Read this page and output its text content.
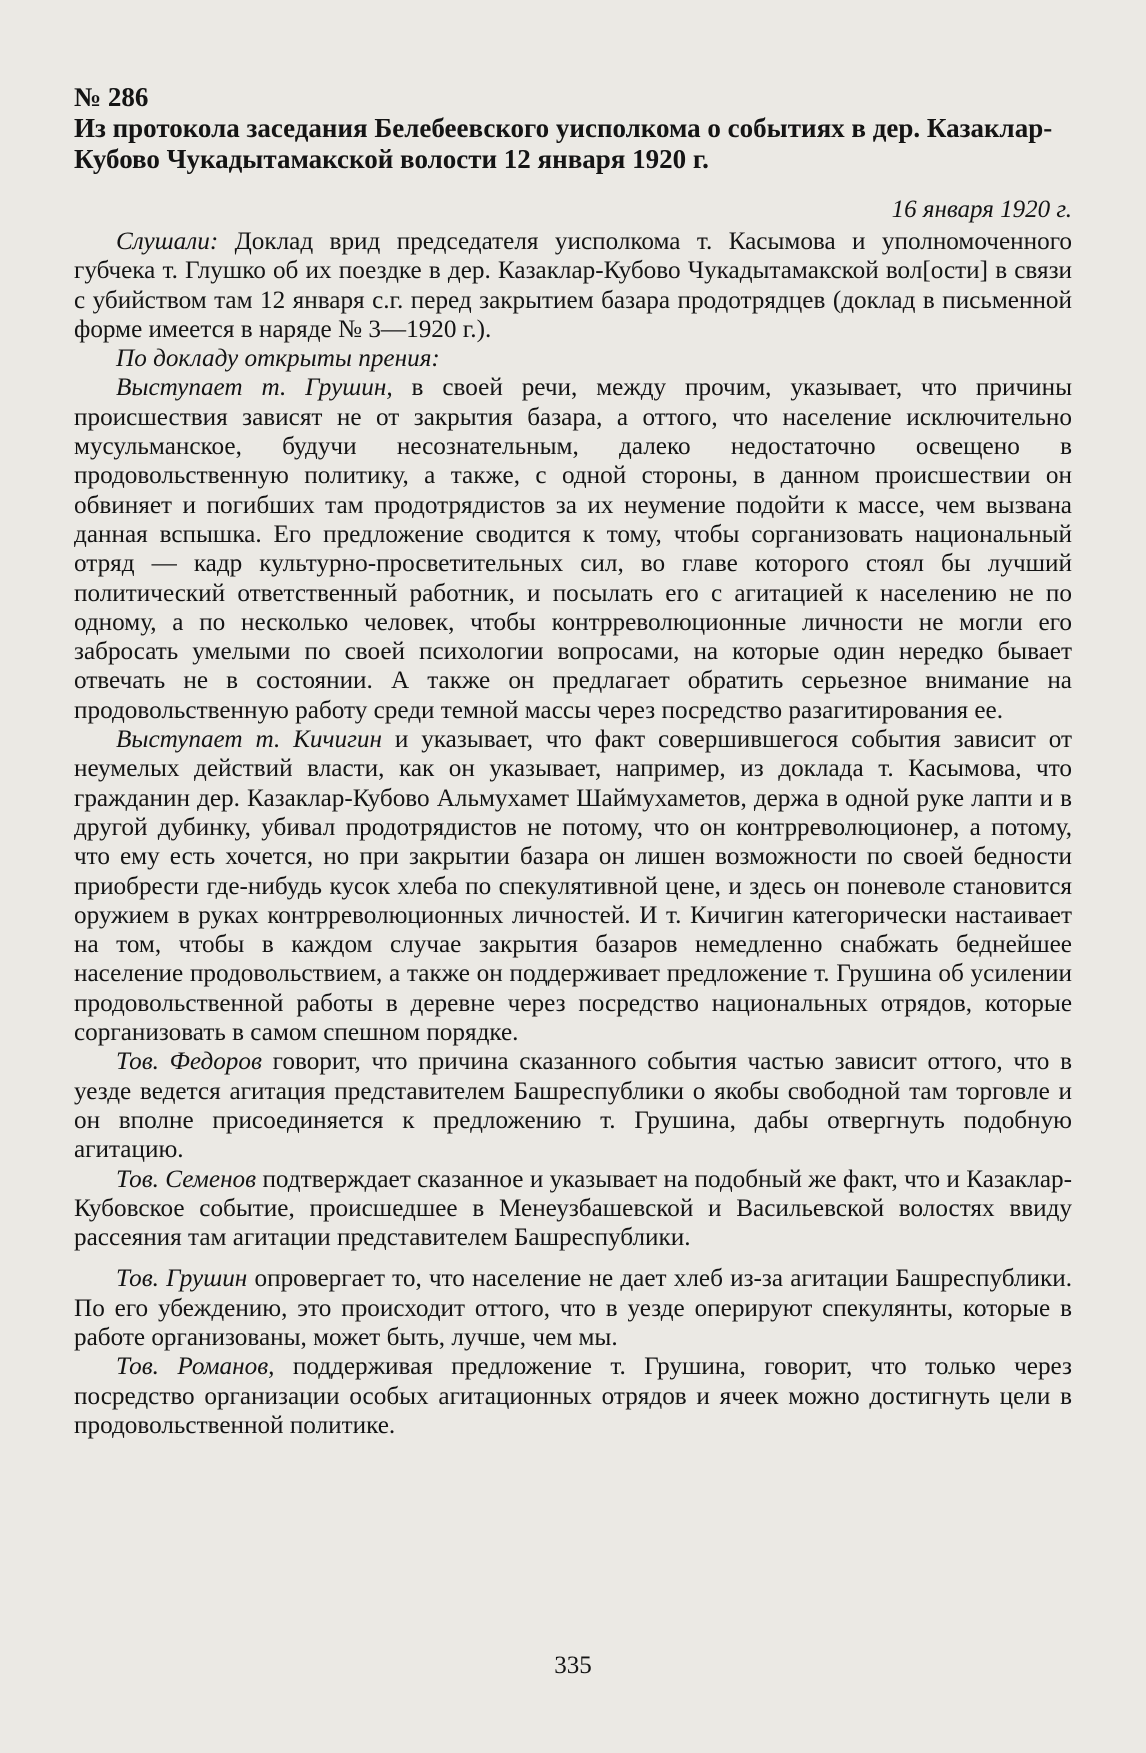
№ 286
Из протокола заседания Белебеевского уисполкома о событиях в дер. Казаклар-Кубово Чукадытамакской волости 12 января 1920 г.
16 января 1920 г.

Слушали: Доклад врид председателя уисполкома т. Касымова и уполномоченного губчека т. Глушко об их поездке в дер. Казаклар-Кубово Чукадытамакской вол[ости] в связи с убийством там 12 января с.г. перед закрытием базара продотрядцев (доклад в письменной форме имеется в наряде № 3—1920 г.).

По докладу открыты прения:

Выступает т. Грушин, в своей речи, между прочим, указывает, что причины происшествия зависят не от закрытия базара, а оттого, что население исключительно мусульманское, будучи несознательным, далеко недостаточно освещено в продовольственную политику, а также, с одной стороны, в данном происшествии он обвиняет и погибших там продотрядистов за их неумение подойти к массе, чем вызвана данная вспышка. Его предложение сводится к тому, чтобы сорганизовать национальный отряд — кадр культурно-просветительных сил, во главе которого стоял бы лучший политический ответственный работник, и посылать его с агитацией к населению не по одному, а по несколько человек, чтобы контрреволюционные личности не могли его забросать умелыми по своей психологии вопросами, на которые один нередко бывает отвечать не в состоянии. А также он предлагает обратить серьезное внимание на продовольственную работу среди темной массы через посредство разагитирования ее.

Выступает т. Кичигин и указывает, что факт совершившегося события зависит от неумелых действий власти, как он указывает, например, из доклада т. Касымова, что гражданин дер. Казаклар-Кубово Альмухамет Шаймухаметов, держа в одной руке лапти и в другой дубинку, убивал продотрядистов не потому, что он контрреволюционер, а потому, что ему есть хочется, но при закрытии базара он лишен возможности по своей бедности приобрести где-нибудь кусок хлеба по спекулятивной цене, и здесь он поневоле становится оружием в руках контрреволюционных личностей. И т. Кичигин категорически настаивает на том, чтобы в каждом случае закрытия базаров немедленно снабжать беднейшее население продовольствием, а также он поддерживает предложение т. Грушина об усилении продовольственной работы в деревне через посредство национальных отрядов, которые сорганизовать в самом спешном порядке.

Тов. Федоров говорит, что причина сказанного события частью зависит оттого, что в уезде ведется агитация представителем Башреспублики о якобы свободной там торговле и он вполне присоединяется к предложению т. Грушина, дабы отвергнуть подобную агитацию.

Тов. Семенов подтверждает сказанное и указывает на подобный же факт, что и Казаклар-Кубовское событие, происшедшее в Менеузбашевской и Васильевской волостях ввиду рассеяния там агитации представителем Башреспублики.

Тов. Грушин опровергает то, что население не дает хлеб из-за агитации Башреспублики. По его убеждению, это происходит оттого, что в уезде оперируют спекулянты, которые в работе организованы, может быть, лучше, чем мы.

Тов. Романов, поддерживая предложение т. Грушина, говорит, что только через посредство организации особых агитационных отрядов и ячеек можно достигнуть цели в продовольственной политике.

335
